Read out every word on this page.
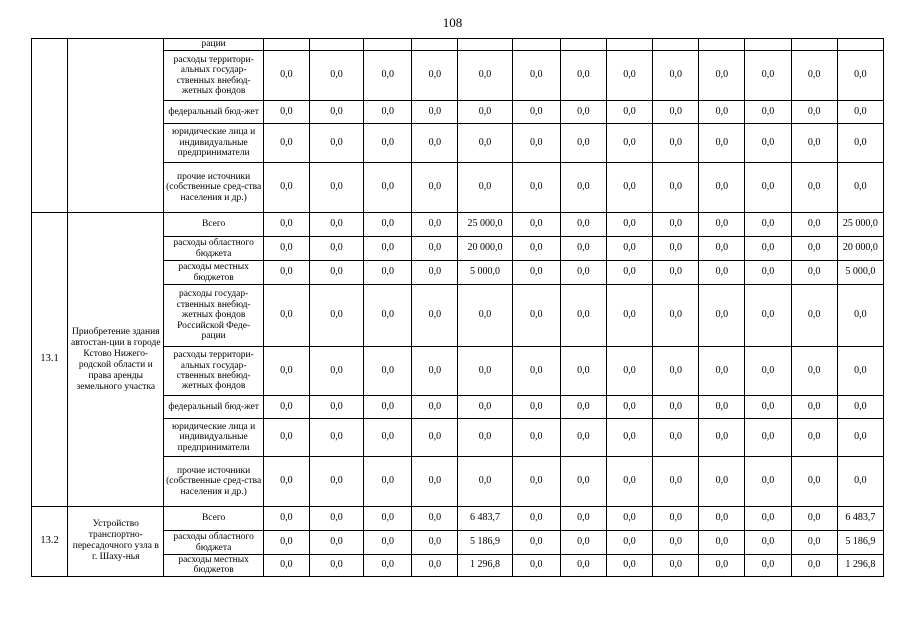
108
		рации													
		расходы территори-альных государ-ственных внебюд-жетных фондов	0,0	0,0	0,0	0,0	0,0	0,0	0,0	0,0	0,0	0,0	0,0	0,0	0,0
		федеральный бюд-жет	0,0	0,0	0,0	0,0	0,0	0,0	0,0	0,0	0,0	0,0	0,0	0,0	0,0
		юридические лица и индивидуальные предприниматели	0,0	0,0	0,0	0,0	0,0	0,0	0,0	0,0	0,0	0,0	0,0	0,0	0,0
		прочие источники (собственные сред-ства населения и др.)	0,0	0,0	0,0	0,0	0,0	0,0	0,0	0,0	0,0	0,0	0,0	0,0	0,0
13.1	Приобретение здания автостан-ции в городе Кстово Нижего-родской области и права аренды земельного участка	Всего	0,0	0,0	0,0	0,0	25 000,0	0,0	0,0	0,0	0,0	0,0	0,0	0,0	25 000,0
		расходы областного бюджета	0,0	0,0	0,0	0,0	20 000,0	0,0	0,0	0,0	0,0	0,0	0,0	0,0	20 000,0
		расходы местных бюджетов	0,0	0,0	0,0	0,0	5 000,0	0,0	0,0	0,0	0,0	0,0	0,0	0,0	5 000,0
		расходы государ-ственных внебюд-жетных фондов Российской Феде-рации	0,0	0,0	0,0	0,0	0,0	0,0	0,0	0,0	0,0	0,0	0,0	0,0	0,0
		расходы территори-альных государ-ственных внебюд-жетных фондов	0,0	0,0	0,0	0,0	0,0	0,0	0,0	0,0	0,0	0,0	0,0	0,0	0,0
		федеральный бюд-жет	0,0	0,0	0,0	0,0	0,0	0,0	0,0	0,0	0,0	0,0	0,0	0,0	0,0
		юридические лица и индивидуальные предприниматели	0,0	0,0	0,0	0,0	0,0	0,0	0,0	0,0	0,0	0,0	0,0	0,0	0,0
		прочие источники (собственные сред-ства населения и др.)	0,0	0,0	0,0	0,0	0,0	0,0	0,0	0,0	0,0	0,0	0,0	0,0	0,0
13.2	Устройство транспортно-пересадочного узла в г. Шаху-нья	Всего	0,0	0,0	0,0	0,0	6 483,7	0,0	0,0	0,0	0,0	0,0	0,0	0,0	6 483,7
		расходы областного бюджета	0,0	0,0	0,0	0,0	5 186,9	0,0	0,0	0,0	0,0	0,0	0,0	0,0	5 186,9
		расходы местных бюджетов	0,0	0,0	0,0	0,0	1 296,8	0,0	0,0	0,0	0,0	0,0	0,0	0,0	1 296,8
